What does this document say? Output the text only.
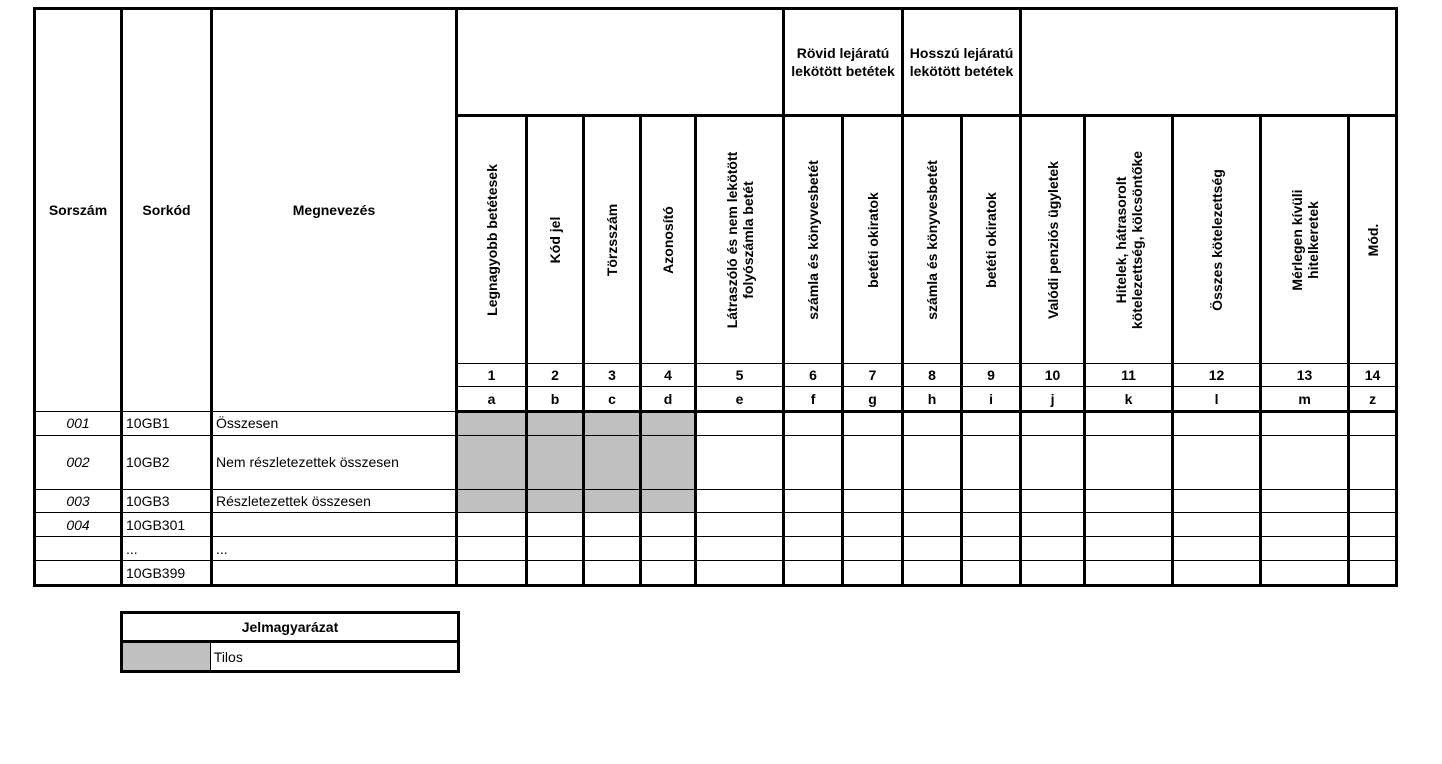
Sorszám	Sorkód	Megnevezés						Rövid lejáratú lekötött betétek		Hosszú lejáratú lekötött betétek						

			Legnagyobb betétesek	Kód jel	Törzsszám	Azonosító	Látraszóló és nem lekötött folyószámla betét	számla és könyvesbetét	betéti okiratok	számla és könyvesbetét	betéti okiratok	Valódi penziós ügyletek	Hitelek, hátrasorolt kötelezettség, kölcsöntőke	Összes kötelezettség	Mérlegen kívüli hitelkeretek	Mód.

			1	2	3	4	5	6	7	8	9	10	11	12	13	14
			a	b	c	d	e	f	g	h	i	j	k	l	m	z
001	10GB1	Összesen														
002	10GB2	Nem részletezettek összesen														
003	10GB3	Részletezettek összesen														
004	10GB301															
	...	...														
	10GB399															
Jelmagyarázat
	Tilos
